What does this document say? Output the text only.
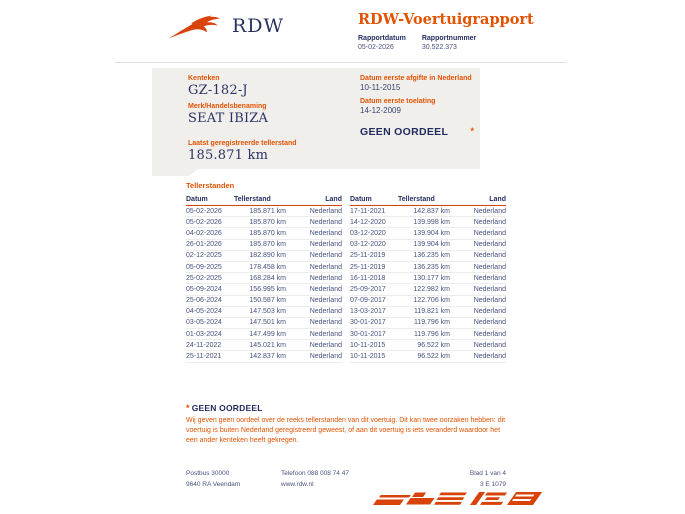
RDW	RDW-Voertuigrapport
Rapportdatum
05-02-2026
Rapportnummer
30.522.373
Kenteken
GZ-182-J
Merk/Handelsbenaming
SEAT IBIZA
Laatst geregistreerde tellerstand
185.871 km
Datum eerste afgifte in Nederland
10-11-2015
Datum eerste toelating
14-12-2009
GEEN OORDEEL *
Tellerstanden
Datum	Tellerstand	Land
05-02-2026	185.871 km	Nederland
05-02-2026	185.870 km	Nederland
04-02-2026	185.870 km	Nederland
26-01-2026	185.870 km	Nederland
02-12-2025	182.890 km	Nederland
05-09-2025	178.458 km	Nederland
25-02-2025	168.284 km	Nederland
05-09-2024	156.995 km	Nederland
25-06-2024	150.587 km	Nederland
04-05-2024	147.503 km	Nederland
03-05-2024	147.501 km	Nederland
01-03-2024	147.499 km	Nederland
24-11-2022	145.021 km	Nederland
25-11-2021	142.837 km	Nederland
Datum	Tellerstand	Land
17-11-2021	142.837 km	Nederland
14-12-2020	139.998 km	Nederland
03-12-2020	139.904 km	Nederland
03-12-2020	139.904 km	Nederland
25-11-2019	136.235 km	Nederland
25-11-2019	136.235 km	Nederland
16-11-2018	130.177 km	Nederland
25-09-2017	122.982 km	Nederland
07-09-2017	122.706 km	Nederland
13-03-2017	119.821 km	Nederland
30-01-2017	119.796 km	Nederland
30-01-2017	119.796 km	Nederland
10-11-2015	96.522 km	Nederland
10-11-2015	96.522 km	Nederland
* GEEN OORDEEL

Wij geven geen oordeel over de reeks tellerstanden van dit voertuig. Dit kan twee oorzaken hebben: dit voertuig is buiten Nederland geregistreerd geweest, of aan dit voertuig is iets veranderd waardoor het een ander kenteken heeft gekregen.

Postbus 30000
9640 RA Veendam
Telefoon 088 008 74 47
www.rdw.nl
Blad 1 van 4
3 E 1079
